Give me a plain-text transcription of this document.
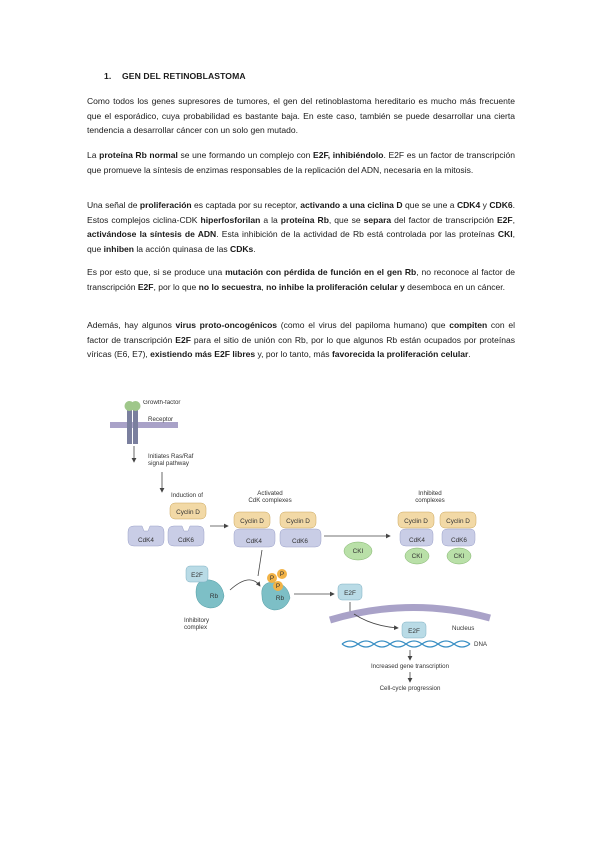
1. GEN DEL RETINOBLASTOMA

Como todos los genes supresores de tumores, el gen del retinoblastoma hereditario es mucho más frecuente que el esporádico, cuya probabilidad es bastante baja. En este caso, también se puede desarrollar una cierta tendencia a desarrollar cáncer con un solo gen mutado.

La proteína Rb normal se une formando un complejo con E2F, inhibiéndolo. E2F es un factor de transcripción que promueve la síntesis de enzimas responsables de la replicación del ADN, necesaria en la mitosis.

Una señal de proliferación es captada por su receptor, activando a una ciclina D que se une a CDK4 y CDK6. Estos complejos ciclina-CDK hiperfosforilan a la proteína Rb, que se separa del factor de transcripción E2F, activándose la síntesis de ADN. Esta inhibición de la actividad de Rb está controlada por las proteínas CKI, que inhiben la acción quinasa de las CDKs.

Es por esto que, si se produce una mutación con pérdida de función en el gen Rb, no reconoce al factor de transcripción E2F, por lo que no lo secuestra, no inhibe la proliferación celular y desemboca en un cáncer.

Además, hay algunos virus proto-oncogénicos (como el virus del papiloma humano) que compiten con el factor de transcripción E2F para el sitio de unión con Rb, por lo que algunos Rb están ocupados por proteínas víricas (E6, E7), existiendo más E2F libres y, por lo tanto, más favorecida la proliferación celular.

Growth-factor
Receptor
Initiates Ras/Raf
signal pathway
Induction of
Cyclin D
CdK4	CdK6
Activated
CdK complexes
Cyclin D
CdK4
Cyclin D
CdK6
CKI
Inhibited
complexes
Cyclin D
CdK4
CKI
Cyclin D
CdK6
CKI
Rb
E2F
Inhibitory
complex
Rb
P
P
P
E2F
Nucleus
E2F
DNA
Increased gene transcription
Cell-cycle progression
